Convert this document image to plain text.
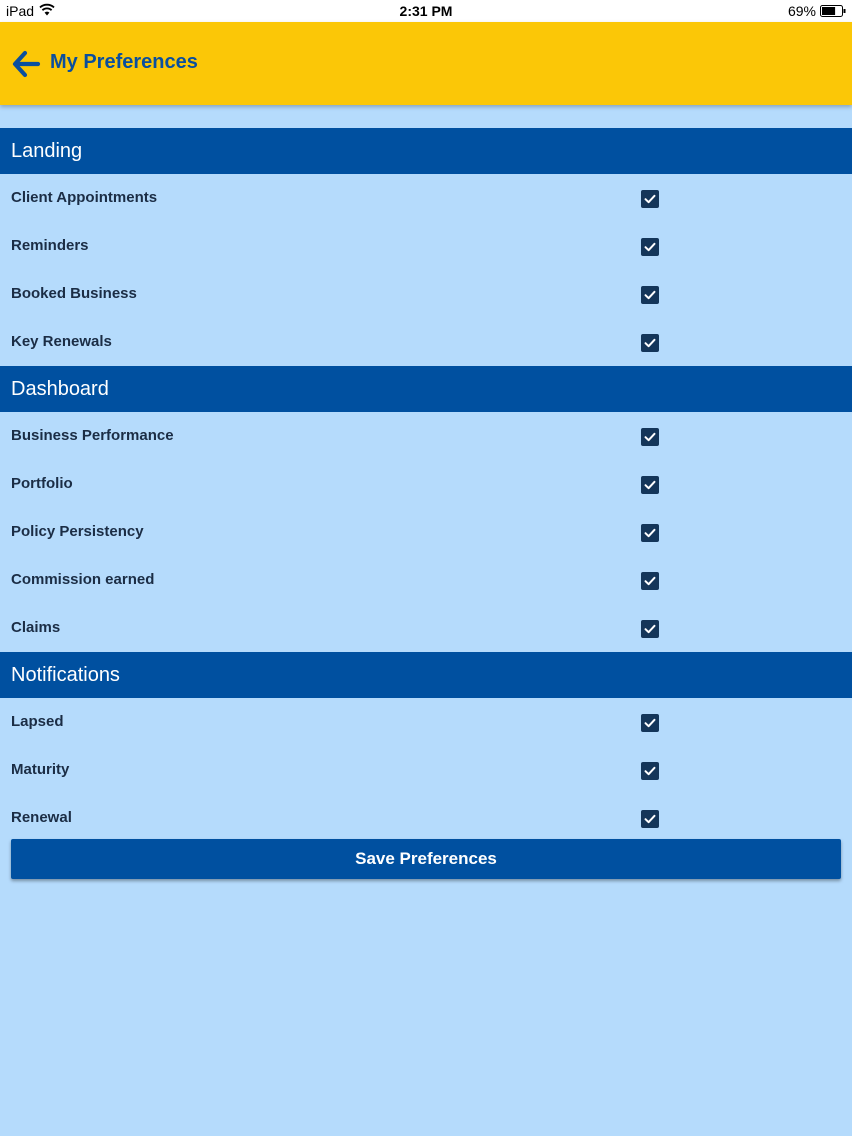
iPad	2:31 PM	69%
My Preferences
Landing
Client Appointments
Reminders
Booked Business
Key Renewals
Dashboard
Business Performance
Portfolio
Policy Persistency
Commission earned
Claims
Notifications
Lapsed
Maturity
Renewal
Save Preferences
